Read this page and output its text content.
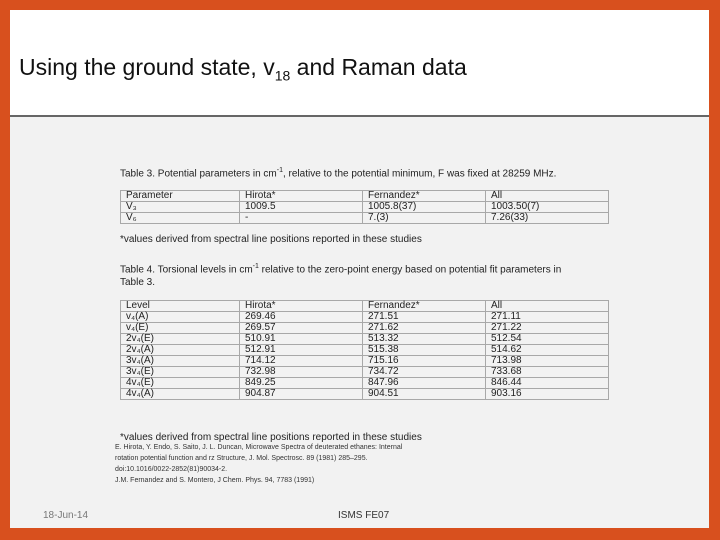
Using the ground state, $v_{18}$ and Raman data
Table 3. Potential parameters in $cm^{-1}$, relative to the potential minimum, F was fixed at 28259 MHz.
Parameter	Hirota*	Fernandez*	All
V₃	1009.5	1005.8(37)	1003.50(7)
V₆	-	7.(3)	7.26(33)
*values derived from spectral line positions reported in these studies
Table 4. Torsional levels in $cm^{-1}$ relative to the zero-point energy based on potential fit parameters in
Table 3.
Level	Hirota*	Fernandez*	All
v₄(A)	269.46	271.51	271.11
v₄(E)	269.57	271.62	271.22
2v₄(E)	510.91	513.32	512.54
2v₄(A)	512.91	515.38	514.62
3v₄(A)	714.12	715.16	713.98
3v₄(E)	732.98	734.72	733.68
4v₄(E)	849.25	847.96	846.44
4v₄(A)	904.87	904.51	903.16
*values derived from spectral line positions reported in these studies
E. Hirota, Y. Endo, S. Saito, J. L. Duncan, Microwave Spectra of deuterated ethanes: Internal
rotation potential function and rz Structure, J. Mol. Spectrosc. 89 (1981) 285–295.
doi:10.1016/0022-2852(81)90034-2.
J.M. Fernandez and S. Montero, J Chem. Phys. 94, 7783 (1991)
18-Jun-14	ISMS FE07
